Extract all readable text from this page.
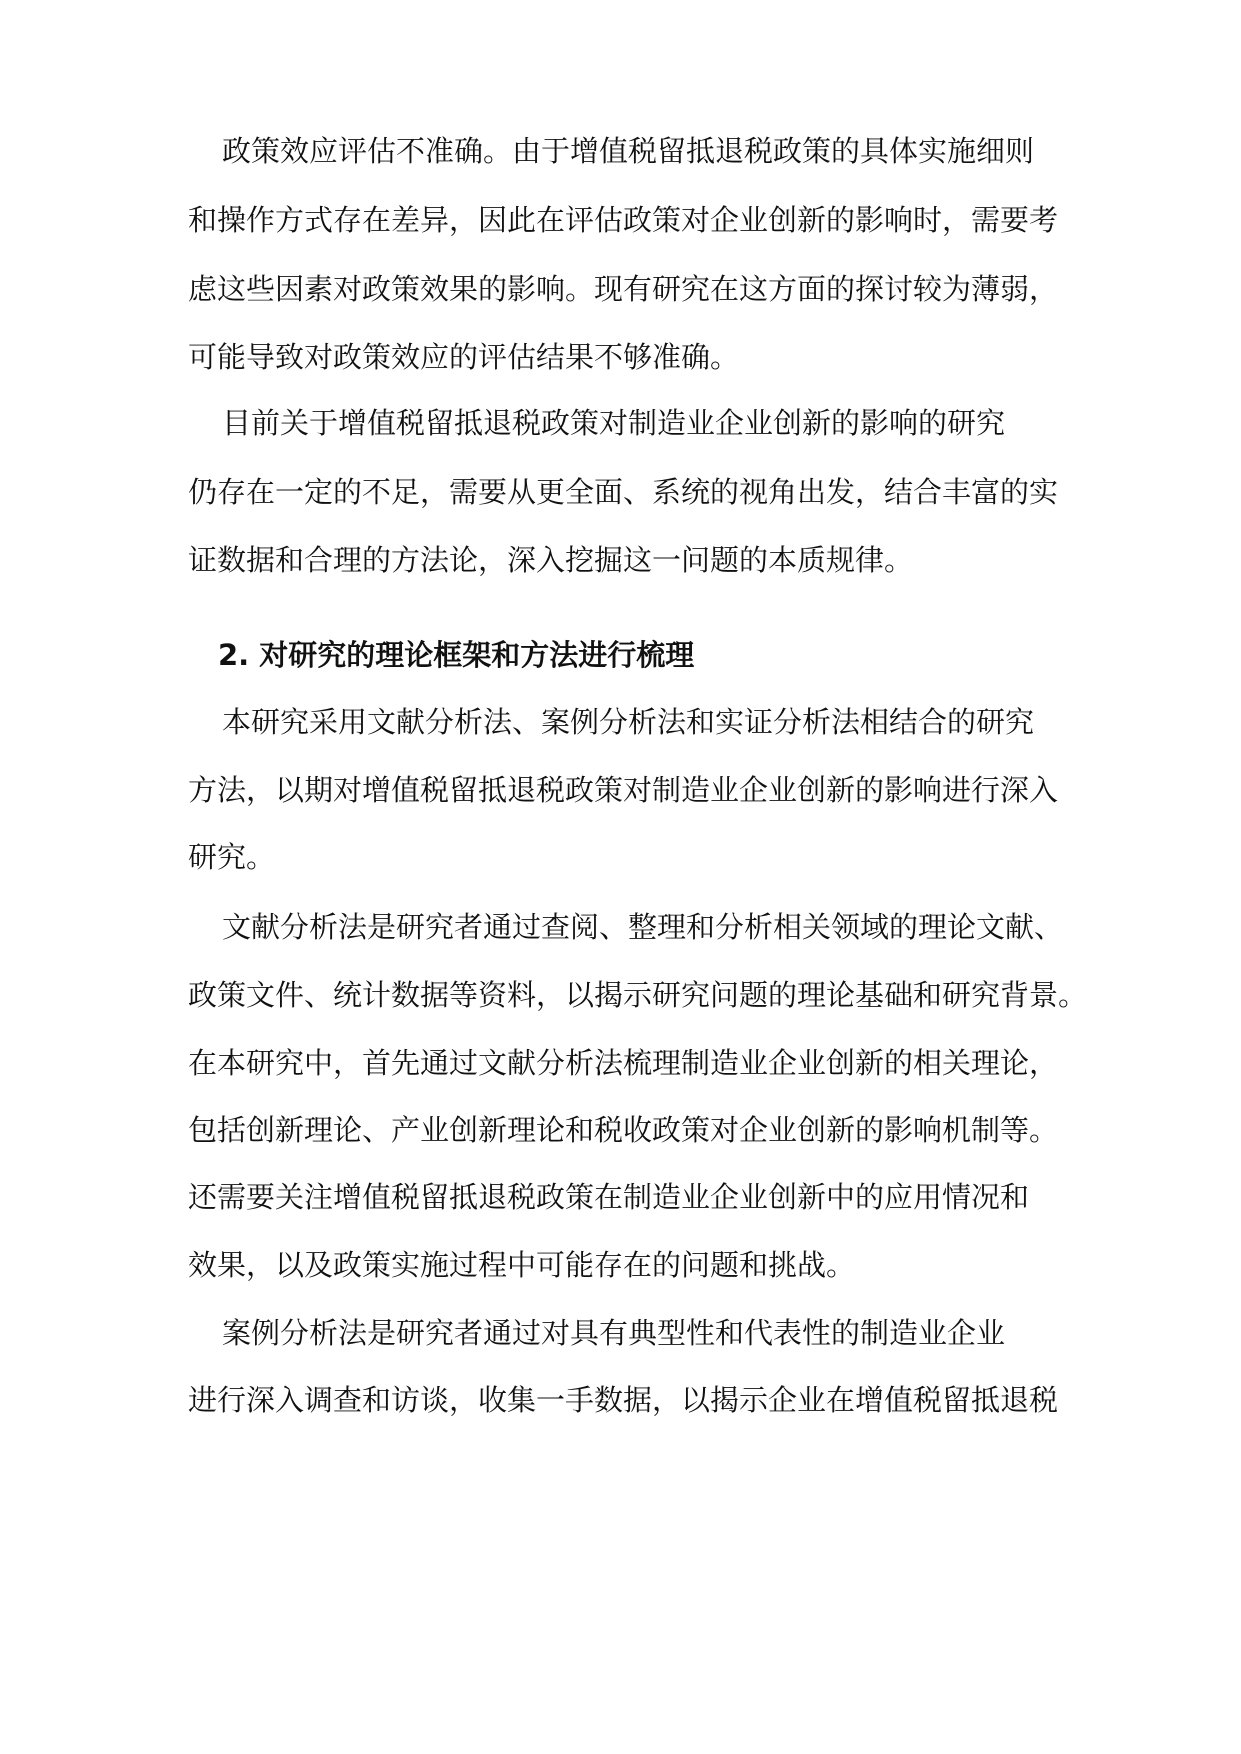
政策效应评估不准确。由于增值税留抵退税政策的具体实施细则

和操作方式存在差异，因此在评估政策对企业创新的影响时，需要考

虑这些因素对政策效果的影响。现有研究在这方面的探讨较为薄弱，

可能导致对政策效应的评估结果不够准确。

目前关于增值税留抵退税政策对制造业企业创新的影响的研究

仍存在一定的不足，需要从更全面、系统的视角出发，结合丰富的实

证数据和合理的方法论，深入挖掘这一问题的本质规律。

2. 对研究的理论框架和方法进行梳理

本研究采用文献分析法、案例分析法和实证分析法相结合的研究

方法，以期对增值税留抵退税政策对制造业企业创新的影响进行深入

研究。

文献分析法是研究者通过查阅、整理和分析相关领域的理论文献、

政策文件、统计数据等资料，以揭示研究问题的理论基础和研究背景。

在本研究中，首先通过文献分析法梳理制造业企业创新的相关理论，

包括创新理论、产业创新理论和税收政策对企业创新的影响机制等。

还需要关注增值税留抵退税政策在制造业企业创新中的应用情况和

效果，以及政策实施过程中可能存在的问题和挑战。

案例分析法是研究者通过对具有典型性和代表性的制造业企业

进行深入调查和访谈，收集一手数据，以揭示企业在增值税留抵退税
